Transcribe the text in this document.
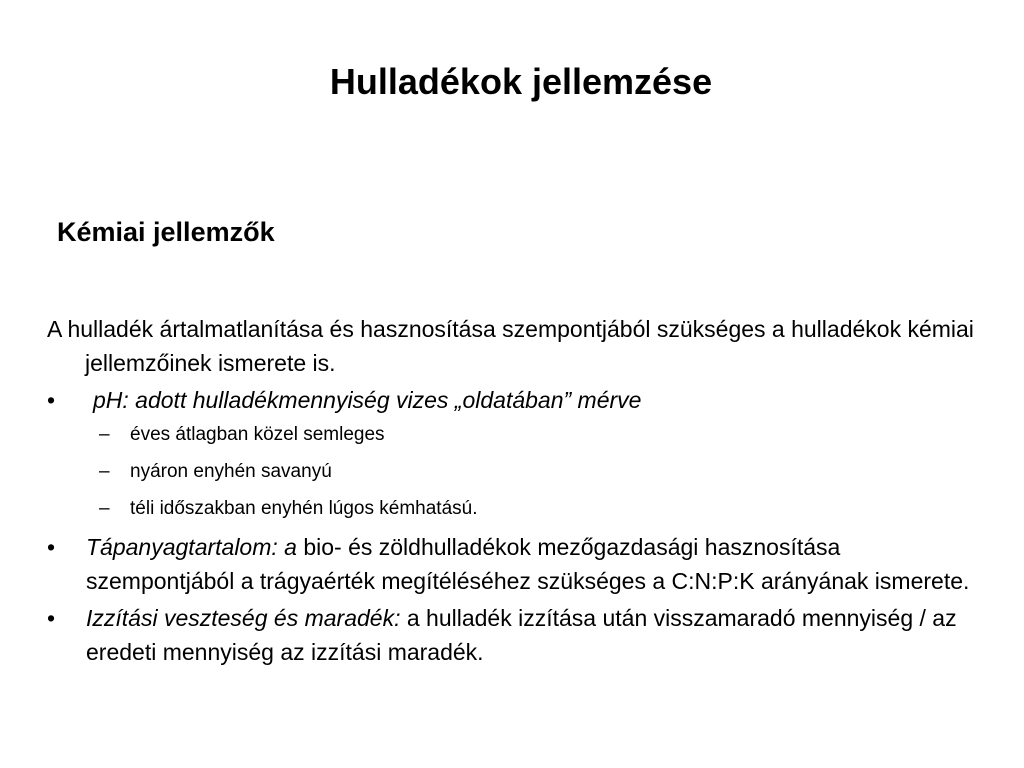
Hulladékok jellemzése
Kémiai jellemzők
A hulladék ártalmatlanítása és hasznosítása szempontjából szükséges a hulladékok kémiai jellemzőinek ismerete is.
• pH: adott hulladékmennyiség vizes „oldatában” mérve
– éves átlagban közel semleges
– nyáron enyhén savanyú
– téli időszakban enyhén lúgos kémhatású.
• Tápanyagtartalom: a bio- és zöldhulladékok mezőgazdasági hasznosítása szempontjából a trágyaérték megítéléséhez szükséges a C:N:P:K arányának ismerete.
• Izzítási veszteség és maradék: a hulladék izzítása után visszamaradó mennyiség / az eredeti mennyiség az izzítási maradék.
